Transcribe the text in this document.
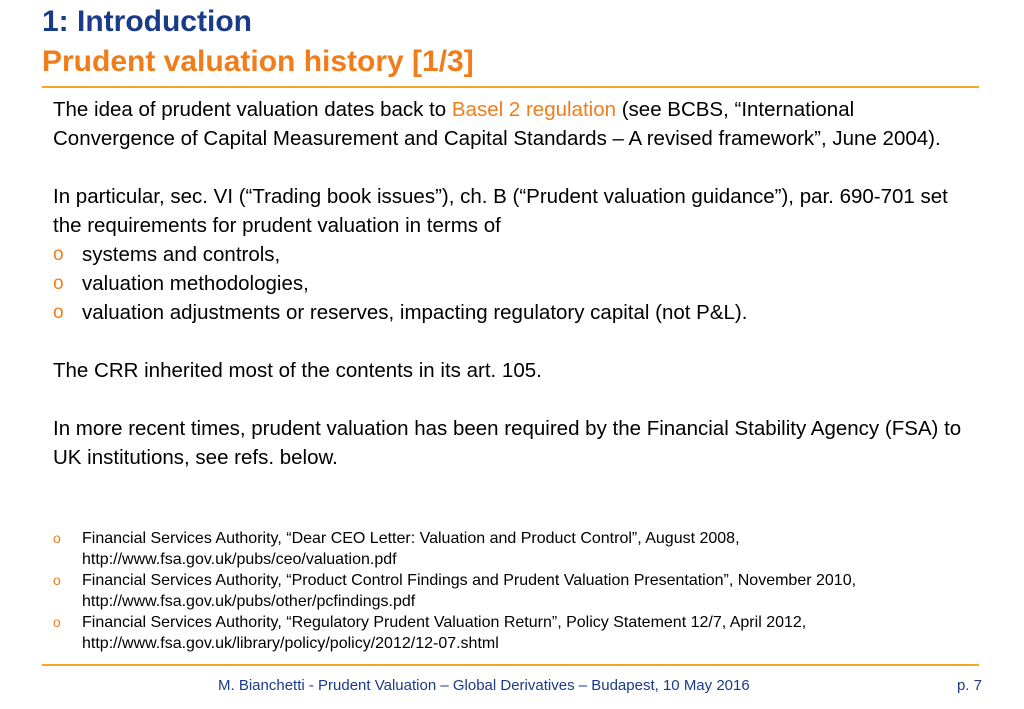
1: Introduction
Prudent valuation history [1/3]

The idea of prudent valuation dates back to Basel 2 regulation (see BCBS, “International Convergence of Capital Measurement and Capital Standards – A revised framework”, June 2004).

In particular, sec. VI (“Trading book issues”), ch. B (“Prudent valuation guidance”), par. 690-701 set the requirements for prudent valuation in terms of

o systems and controls,
o valuation methodologies,
o valuation adjustments or reserves, impacting regulatory capital (not P&L).

The CRR inherited most of the contents in its art. 105.

In more recent times, prudent valuation has been required by the Financial Stability Agency (FSA) to UK institutions, see refs. below.

o Financial Services Authority, “Dear CEO Letter: Valuation and Product Control”, August 2008,
http://www.fsa.gov.uk/pubs/ceo/valuation.pdf
o Financial Services Authority, “Product Control Findings and Prudent Valuation Presentation”, November 2010,
http://www.fsa.gov.uk/pubs/other/pcfindings.pdf
o Financial Services Authority, “Regulatory Prudent Valuation Return”, Policy Statement 12/7, April 2012,
http://www.fsa.gov.uk/library/policy/policy/2012/12-07.shtml
M. Bianchetti - Prudent Valuation – Global Derivatives – Budapest, 10 May 2016	p. 7
